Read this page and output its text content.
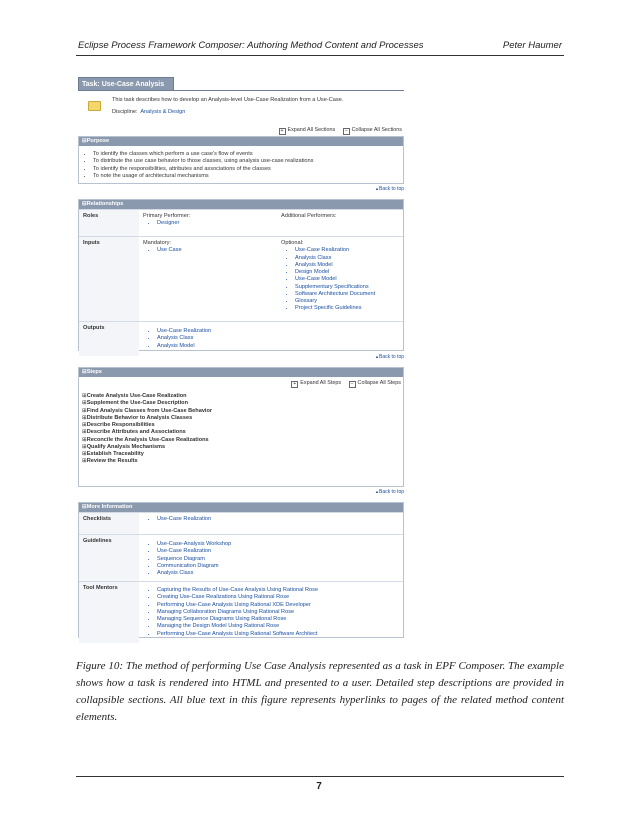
Eclipse Process Framework Composer: Authoring Method Content and Processes	Peter Haumer
Task: Use-Case Analysis
This task describes how to develop an Analysis-level Use-Case Realization from a Use-Case.
Discipline: Analysis & Design
+ Expand All Sections − Collapse All Sections
⊟ Purpose
• To identify the classes which perform a use case's flow of events
• To distribute the use case behavior to those classes, using analysis use-case realizations
• To identify the responsibilities, attributes and associations of the classes
• To note the usage of architectural mechanisms
▲ Back to top
⊟ Relationships
Roles	Primary Performer:
• Designer
Additional Performers:
Inputs	Mandatory:
• Use Case
Optional:
• Use-Case Realization
• Analysis Class
• Analysis Model
• Design Model
• Use-Case Model
• Supplementary Specifications
• Software Architecture Document
• Glossary
• Project Specific Guidelines
Outputs	• Use-Case Realization
• Analysis Class
• Analysis Model
▲ Back to top
⊟ Steps
+ Expand All Steps − Collapse All Steps
⊞ Create Analysis Use-Case Realization
⊞ Supplement the Use-Case Description
⊞ Find Analysis Classes from Use-Case Behavior
⊞ Distribute Behavior to Analysis Classes
⊞ Describe Responsibilities
⊞ Describe Attributes and Associations
⊞ Reconcile the Analysis Use-Case Realizations
⊞ Qualify Analysis Mechanisms
⊞ Establish Traceability
⊞ Review the Results
▲ Back to top
⊟ More Information
Checklists	• Use-Case Realization
Guidelines	• Use-Case-Analysis Workshop
• Use-Case Realization
• Sequence Diagram
• Communication Diagram
• Analysis Class
Tool Mentors	• Capturing the Results of Use-Case Analysis Using Rational Rose
• Creating Use-Case Realizations Using Rational Rose
• Performing Use-Case Analysis Using Rational XDE Developer
• Managing Collaboration Diagrams Using Rational Rose
• Managing Sequence Diagrams Using Rational Rose
• Managing the Design Model Using Rational Rose
• Performing Use-Case Analysis Using Rational Software Architect
Figure 10: The method of performing Use Case Analysis represented as a task in EPF Composer. The example shows how a task is rendered into HTML and presented to a user. Detailed step descriptions are provided in collapsible sections. All blue text in this figure represents hyperlinks to pages of the related method content elements.
7
